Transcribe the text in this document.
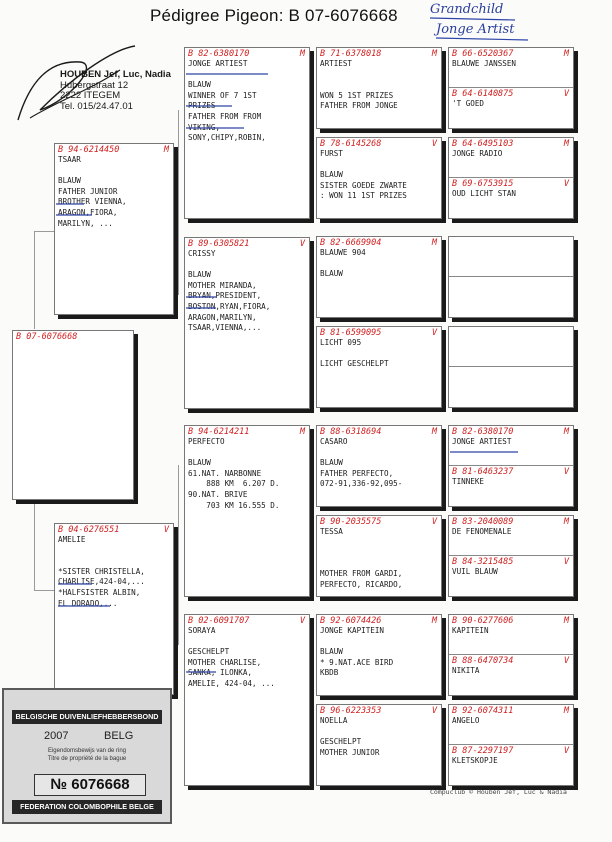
Pédigree Pigeon: B 07-6076668 Grandchild
Jonge Artist
HOUBEN Jef, Luc, Nadia
Hubergstraat 12
2222 ITEGEM
Tel. 015/24.47.01
B 07-6076668
B 94-6214450	M
TSAAR

BLAUW
FATHER JUNIOR
BROTHER VIENNA,
ARAGON,FIORA,
MARILYN, ...
B 04-6276551	V
AMELIE

*SISTER CHRISTELLA,
CHARLISE,424-04,...
*HALFSISTER ALBIN,
EL DORADO,...
B 82-6380170	M
JONGE ARTIEST

BLAUW
WINNER OF 7 1ST
PRIZES
FATHER FROM FROM
VIKING,
SONY,CHIPY,ROBIN,
B 89-6305821	V
CRISSY

BLAUW
MOTHER MIRANDA,
BRYAN,PRESIDENT,
BOSTON,RYAN,FIORA,
ARAGON,MARILYN,
TSAAR,VIENNA,...
B 94-6214211	M
PERFECTO

BLAUW
61.NAT. NARBONNE
888 KM  6.207 D.
90.NAT. BRIVE
703 KM 16.555 D.
B 02-6091707	V
SORAYA

GESCHELPT
MOTHER CHARLISE,
SANKA, ILONKA,
AMELIE, 424-04, ...
B 71-6378018	M
ARTIEST

WON 5 1ST PRIZES
FATHER FROM JONGE
B 78-6145268	V
FURST

BLAUW
SISTER GOEDE ZWARTE
: WON 11 1ST PRIZES
B 82-6669904	M
BLAUWE 904

BLAUW
B 81-6599095	V
LICHT 095

LICHT GESCHELPT
B 88-6318694	M
CASARO

BLAUW
FATHER PERFECTO,
072-91,336-92,095-
B 90-2035575	V
TESSA

MOTHER FROM GARDI,
PERFECTO, RICARDO,
B 92-6074426	M
JONGE KAPITEIN

BLAUW
* 9.NAT.ACE BIRD
KBDB
B 96-6223353	V
NOELLA

GESCHELPT
MOTHER JUNIOR
B 66-6520367	M
BLAUWE JANSSEN
B 64-6140875	V
'T GOED
B 64-6495103	M
JONGE RADIO
B 69-6753915	V
OUD LICHT STAN
B 82-6380170	M
JONGE ARTIEST
B 81-6463237	V
TINNEKE
B 83-2040089	M
DE FENOMENALE
B 84-3215485	V
VUIL BLAUW
B 90-6277606	M
KAPITEIN
B 88-6470734	V
NIKITA
B 92-6074311	M
ANGELO
B 87-2297197	V
KLETSKOPJE
Compuclub © Houben Jef, Luc & Nadia
BELGISCHE DUIVENLIEFHEBBERSBOND
2007	BELG
Eigendomsbewijs van de ring
Titre de propriété de la bague
№ 6076668
FEDERATION COLOMBOPHILE BELGE
